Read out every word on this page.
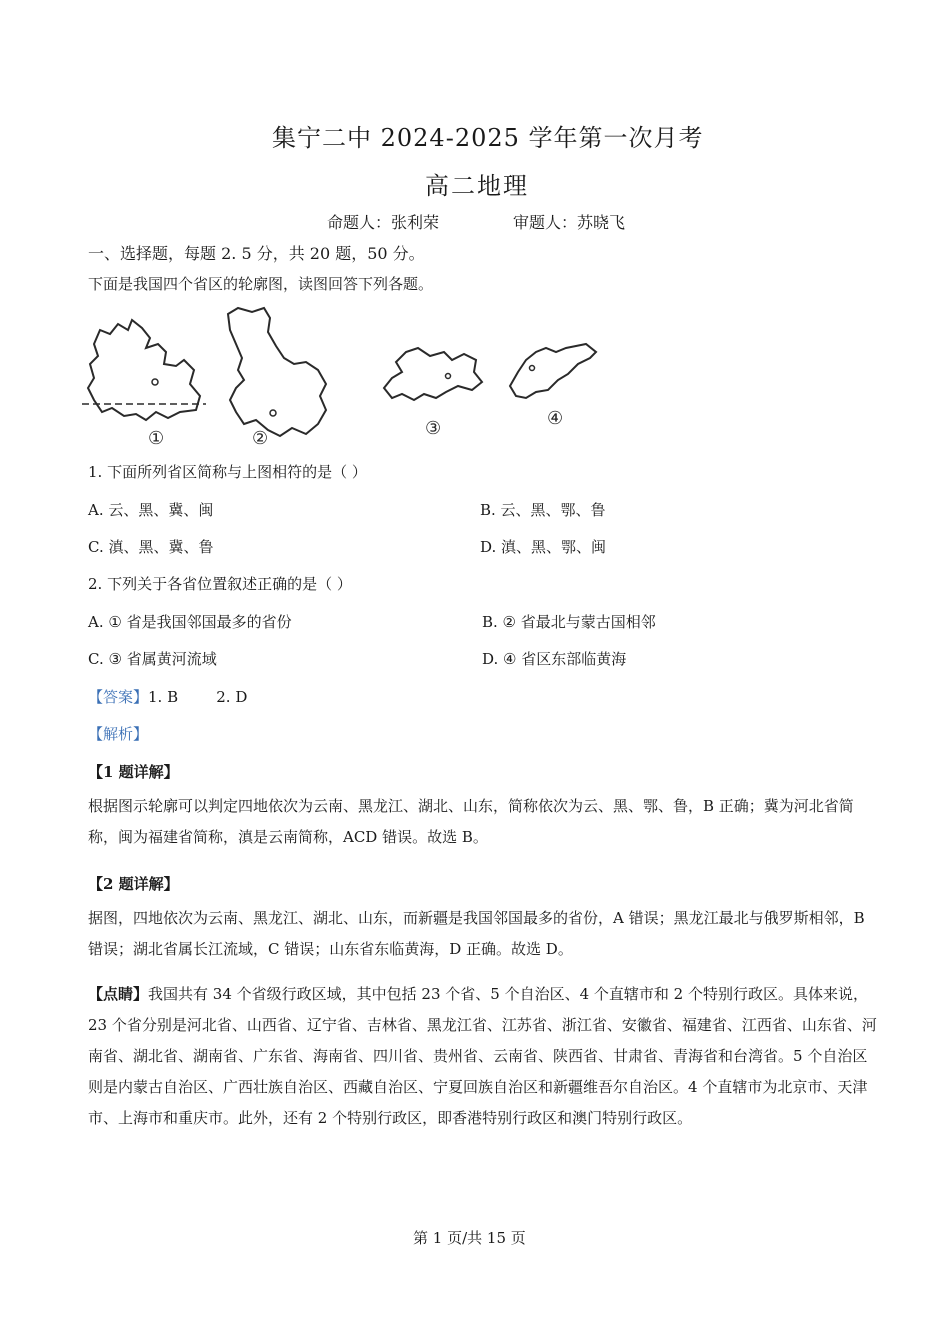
集宁二中 2024-2025 学年第一次月考
高二地理
命题人：张利荣	审题人：苏晓飞
一、选择题，每题 2. 5 分，共 20 题，50 分。
下面是我国四个省区的轮廓图，读图回答下列各题。
①	②	③	④
1. 下面所列省区简称与上图相符的是（ ）
A. 云、黑、冀、闽	B. 云、黑、鄂、鲁
C. 滇、黑、冀、鲁	D. 滇、黑、鄂、闽
2. 下列关于各省位置叙述正确的是（ ）
A. ① 省是我国邻国最多的省份	B. ② 省最北与蒙古国相邻
C. ③ 省属黄河流域	D. ④ 省区东部临黄海
【答案】1. B        2. D
【解析】
【1 题详解】
根据图示轮廓可以判定四地依次为云南、黑龙江、湖北、山东，简称依次为云、黑、鄂、鲁，B 正确；冀为河北省简称，闽为福建省简称，滇是云南简称，ACD 错误。故选 B。
【2 题详解】
据图，四地依次为云南、黑龙江、湖北、山东，而新疆是我国邻国最多的省份，A 错误；黑龙江最北与俄罗斯相邻，B 错误；湖北省属长江流域，C 错误；山东省东临黄海，D 正确。故选 D。
【点睛】我国共有 34 个省级行政区域，其中包括 23 个省、5 个自治区、4 个直辖市和 2 个特别行政区。具体来说，23 个省分别是河北省、山西省、辽宁省、吉林省、黑龙江省、江苏省、浙江省、安徽省、福建省、江西省、山东省、河南省、湖北省、湖南省、广东省、海南省、四川省、贵州省、云南省、陕西省、甘肃省、青海省和台湾省。5 个自治区则是内蒙古自治区、广西壮族自治区、西藏自治区、宁夏回族自治区和新疆维吾尔自治区。4 个直辖市为北京市、天津市、上海市和重庆市。此外，还有 2 个特别行政区，即香港特别行政区和澳门特别行政区。
第 1 页/共 15 页
